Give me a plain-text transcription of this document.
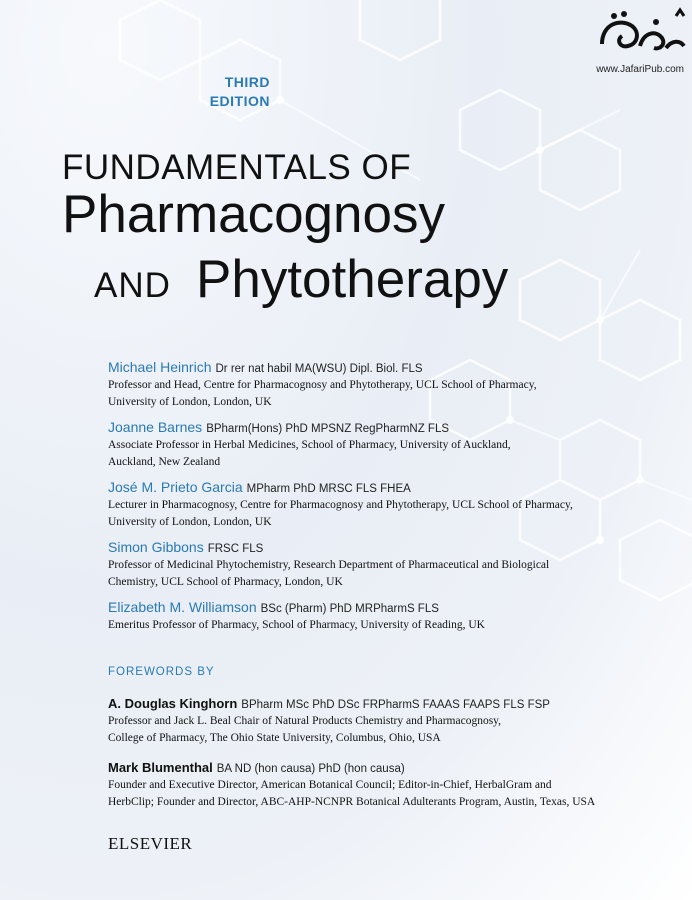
www.JafariPub.com
THIRD
EDITION
FUNDAMENTALS OF
Pharmacognosy
AND Phytotherapy
Michael Heinrich Dr rer nat habil MA(WSU) Dipl. Biol. FLS
Professor and Head, Centre for Pharmacognosy and Phytotherapy, UCL School of Pharmacy,
University of London, London, UK
Joanne Barnes BPharm(Hons) PhD MPSNZ RegPharmNZ FLS
Associate Professor in Herbal Medicines, School of Pharmacy, University of Auckland,
Auckland, New Zealand
José M. Prieto Garcia MPharm PhD MRSC FLS FHEA
Lecturer in Pharmacognosy, Centre for Pharmacognosy and Phytotherapy, UCL School of Pharmacy,
University of London, London, UK
Simon Gibbons FRSC FLS
Professor of Medicinal Phytochemistry, Research Department of Pharmaceutical and Biological
Chemistry, UCL School of Pharmacy, London, UK
Elizabeth M. Williamson BSc (Pharm) PhD MRPharmS FLS
Emeritus Professor of Pharmacy, School of Pharmacy, University of Reading, UK
FOREWORDS BY
A. Douglas Kinghorn BPharm MSc PhD DSc FRPharmS FAAAS FAAPS FLS FSP
Professor and Jack L. Beal Chair of Natural Products Chemistry and Pharmacognosy,
College of Pharmacy, The Ohio State University, Columbus, Ohio, USA
Mark Blumenthal BA ND (hon causa) PhD (hon causa)
Founder and Executive Director, American Botanical Council; Editor-in-Chief, HerbalGram and
HerbClip; Founder and Director, ABC-AHP-NCNPR Botanical Adulterants Program, Austin, Texas, USA
ELSEVIER
